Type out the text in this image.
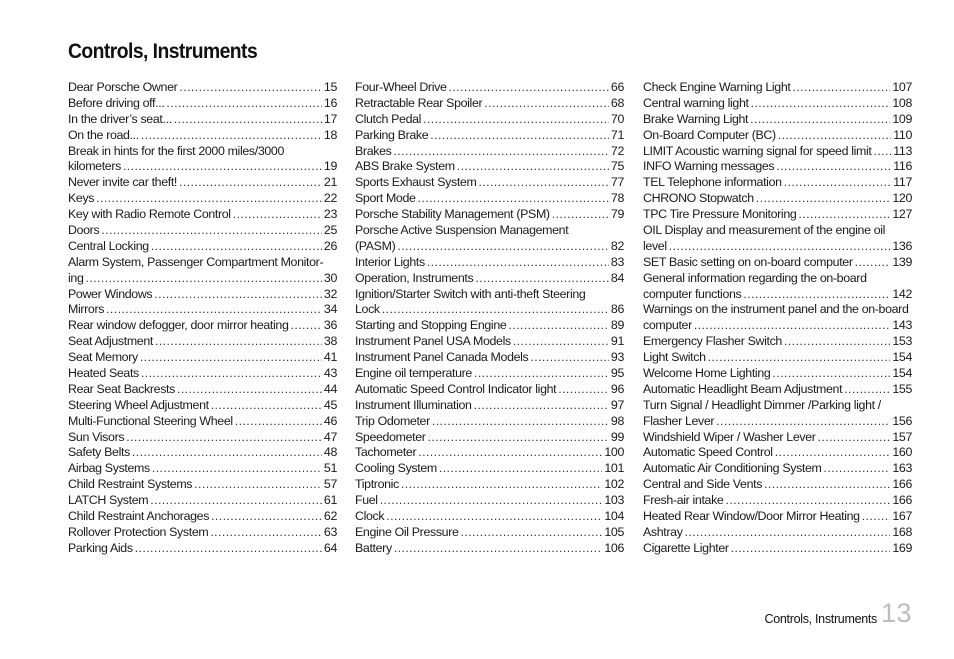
Controls, Instruments
Dear Porsche Owner .....	15
Before driving off... .....	16
In the driver’s seat... .....	17
On the road... .....	18
Break in hints for the first 2000 miles/3000
kilometers .....	19
Never invite car theft! .....	21
Keys .....	22
Key with Radio Remote Control .....	23
Doors .....	25
Central Locking .....	26
Alarm System, Passenger Compartment Monitor-
ing .....	30
Power Windows .....	32
Mirrors .....	34
Rear window defogger, door mirror heating .....	36
Seat Adjustment .....	38
Seat Memory .....	41
Heated Seats .....	43
Rear Seat Backrests .....	44
Steering Wheel Adjustment .....	45
Multi-Functional Steering Wheel .....	46
Sun Visors .....	47
Safety Belts .....	48
Airbag Systems .....	51
Child Restraint Systems .....	57
LATCH System .....	61
Child Restraint Anchorages .....	62
Rollover Protection System .....	63
Parking Aids .....	64
Four-Wheel Drive .....	66
Retractable Rear Spoiler .....	68
Clutch Pedal .....	70
Parking Brake .....	71
Brakes .....	72
ABS Brake System .....	75
Sports Exhaust System .....	77
Sport Mode .....	78
Porsche Stability Management (PSM) .....	79
Porsche Active Suspension Management
(PASM) .....	82
Interior Lights .....	83
Operation, Instruments .....	84
Ignition/Starter Switch with anti-theft Steering
Lock .....	86
Starting and Stopping Engine .....	89
Instrument Panel USA Models .....	91
Instrument Panel Canada Models .....	93
Engine oil temperature .....	95
Automatic Speed Control Indicator light .....	96
Instrument Illumination .....	97
Trip Odometer .....	98
Speedometer .....	99
Tachometer .....	100
Cooling System .....	101
Tiptronic .....	102
Fuel .....	103
Clock .....	104
Engine Oil Pressure .....	105
Battery .....	106
Check Engine Warning Light .....	107
Central warning light .....	108
Brake Warning Light .....	109
On-Board Computer (BC) .....	110
LIMIT Acoustic warning signal for speed limit ..... 113
INFO Warning messages .....	116
TEL Telephone information .....	117
CHRONO Stopwatch .....	120
TPC Tire Pressure Monitoring .....	127
OIL Display and measurement of the engine oil
level .....	136
SET Basic setting on on-board computer .....	139
General information regarding the on-board
computer functions .....	142
Warnings on the instrument panel and the on-board
computer .....	143
Emergency Flasher Switch .....	153
Light Switch .....	154
Welcome Home Lighting .....	154
Automatic Headlight Beam Adjustment .....	155
Turn Signal / Headlight Dimmer /Parking light /
Flasher Lever .....	156
Windshield Wiper / Washer Lever .....	157
Automatic Speed Control .....	160
Automatic Air Conditioning System .....	163
Central and Side Vents .....	166
Fresh-air intake .....	166
Heated Rear Window/Door Mirror Heating .....	167
Ashtray .....	168
Cigarette Lighter .....	169
Controls, Instruments 13
